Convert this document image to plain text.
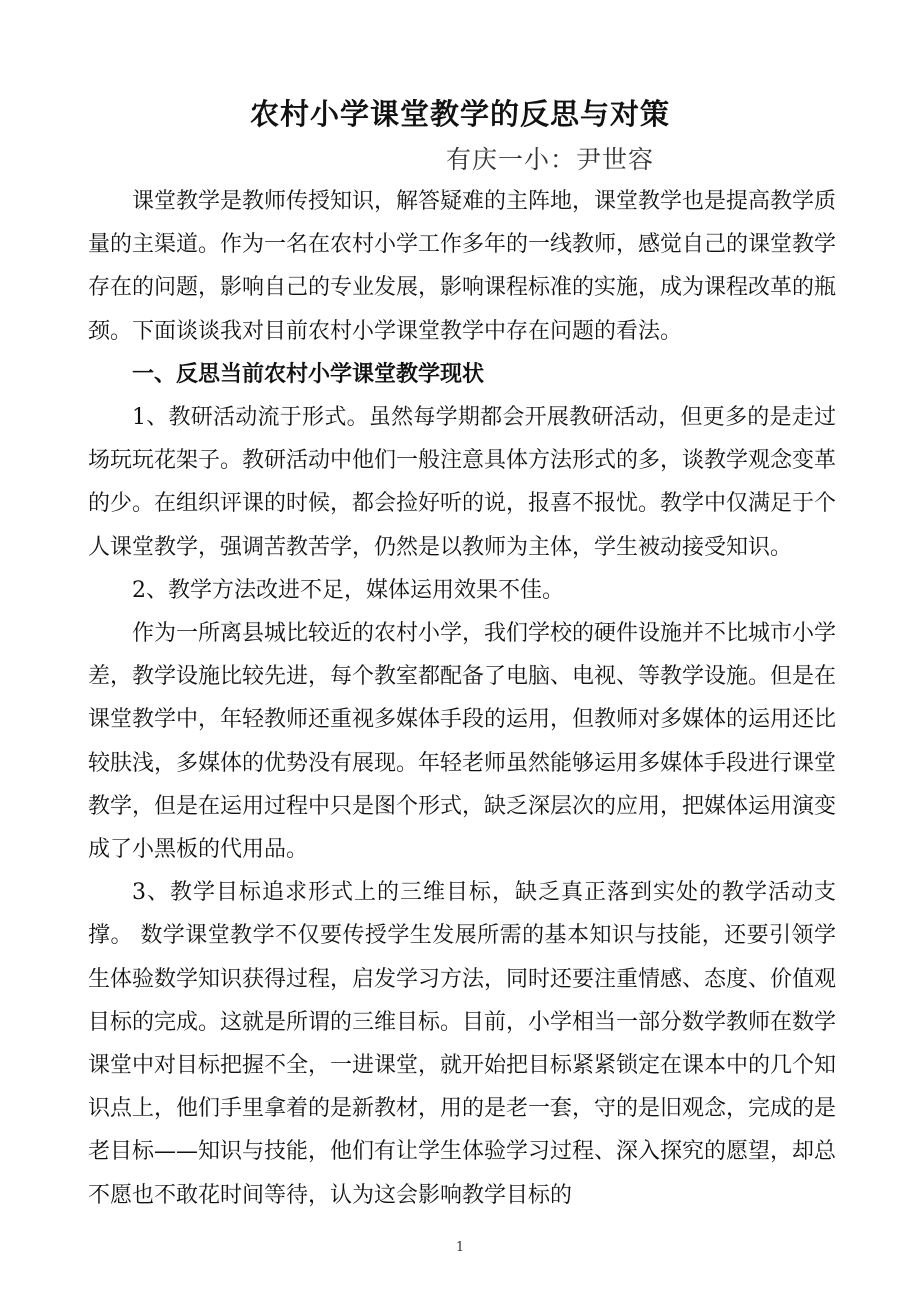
农村小学课堂教学的反思与对策
有庆一小：尹世容

课堂教学是教师传授知识，解答疑难的主阵地，课堂教学也是提高教学质量的主渠道。作为一名在农村小学工作多年的一线教师，感觉自己的课堂教学存在的问题，影响自己的专业发展，影响课程标准的实施，成为课程改革的瓶颈。下面谈谈我对目前农村小学课堂教学中存在问题的看法。

一、反思当前农村小学课堂教学现状

1、教研活动流于形式。虽然每学期都会开展教研活动，但更多的是走过场玩玩花架子。教研活动中他们一般注意具体方法形式的多，谈教学观念变革的少。在组织评课的时候，都会捡好听的说，报喜不报忧。教学中仅满足于个人课堂教学，强调苦教苦学，仍然是以教师为主体，学生被动接受知识。

2、教学方法改进不足，媒体运用效果不佳。

作为一所离县城比较近的农村小学，我们学校的硬件设施并不比城市小学差，教学设施比较先进，每个教室都配备了电脑、电视、等教学设施。但是在课堂教学中，年轻教师还重视多媒体手段的运用，但教师对多媒体的运用还比较肤浅，多媒体的优势没有展现。年轻老师虽然能够运用多媒体手段进行课堂教学，但是在运用过程中只是图个形式，缺乏深层次的应用，把媒体运用演变成了小黑板的代用品。

3、教学目标追求形式上的三维目标，缺乏真正落到实处的教学活动支撑。 数学课堂教学不仅要传授学生发展所需的基本知识与技能，还要引领学生体验数学知识获得过程，启发学习方法，同时还要注重情感、态度、价值观目标的完成。这就是所谓的三维目标。目前，小学相当一部分数学教师在数学课堂中对目标把握不全，一进课堂，就开始把目标紧紧锁定在课本中的几个知识点上，他们手里拿着的是新教材，用的是老一套，守的是旧观念，完成的是老目标——知识与技能，他们有让学生体验学习过程、深入探究的愿望，却总不愿也不敢花时间等待，认为这会影响教学目标的

1
